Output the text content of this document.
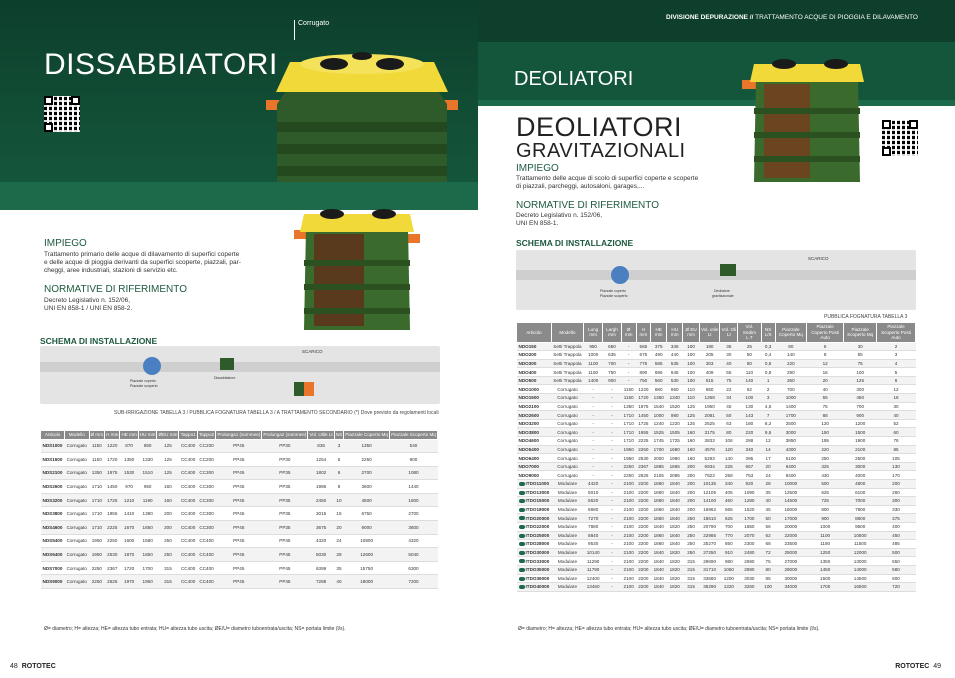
Corrugato
DISSABBIATORI
IMPIEGO
Trattamento primario delle acque di dilavamento di superfici coperte
e delle acque di pioggia derivanti da superfici scoperte, piazzali, par-
cheggi, aree industriali, stazioni di servizio etc.
NORMATIVE DI RIFERIMENTO
Decreto Legislativo n. 152/06,
UNI EN 858-1 / UNI EN 858-2.
SCHEMA DI INSTALLAZIONE
SCARICO
Piazzale coperto
Piazzale scoperto
Dissabbiatore
SUB-IRRIGAZIONE TABELLA 3 / PUBBLICA FOGNATURA TABELLA 3 / A TRATTAMENTO SECONDARIO (*) Dove previsto da regolamenti locali
Articolo	Modello	Ø mm	H mm	HE mm	HU mm	ØEU mm	Tappo1	Tappo2	Prolunga1 (sommee)	Prolunga2 (sommee)	Vol. Utile Lt	NS	Piazzale Coperto Mq	Piazzale Scoperto Mq
NDS1000	Corrugato	1150	1220	870	850	125	CC400	CC200	PP45	PP30	836	3	1350	540
NDS1500	Corrugato	1150	1720	1350	1330	125	CC400	CC200	PP45	PP30	1254	5	2250	900
NDS2100	Corrugato	1350	1975	1530	1510	125	CC400	CC300	PP45	PP35	1802	6	2700	1080
NDS2600	Corrugato	1710	1450	970	950	160	CC400	CC300	PP45	PP35	1986	8	3600	1440
NDS3200	Corrugato	1710	1725	1210	1190	160	CC400	CC300	PP45	PP35	2450	10	4500	1800
NDS3800	Corrugato	1710	1955	1410	1390	200	CC400	CC300	PP45	PP35	3015	15	6750	2700
NDS4600	Corrugato	1710	2225	1670	1650	200	CC400	CC300	PP45	PP35	3675	20	9000	3600
NDS5400	Corrugato	1950	2250	1600	1580	250	CC400	CC400	PP45	PP45	4320	24	10800	4320
NDS6400	Corrugato	1950	2530	1870	1850	250	CC400	CC400	PP45	PP45	5030	28	12600	5040
NDS7000	Corrugato	2250	2367	1720	1700	315	CC400	CC400	PP45	PP45	6399	35	15750	6300
NDS9000	Corrugato	2250	2625	1970	1950	315	CC400	CC400	PP45	PP45	7288	40	18000	7200
Ø= diametro; H= altezza; HE= altezza tubo entrata; HU= altezza tubo uscita; ØE/U= diametro tuboentrata/uscita; NS= portata limite (l/s).
48 ROTOTEC
DIVISIONE DEPURAZIONE // TRATTAMENTO ACQUE DI PIOGGIA E DILAVAMENTO
DEOLIATORI
DEOLIATORI
GRAVITAZIONALI
IMPIEGO
Trattamento delle acque di scolo di superfici coperte e scoperte
di piazzali, parcheggi, autosaloni, garages,...
NORMATIVE DI RIFERIMENTO
Decreto Legislativo n. 152/06,
UNI EN 858-1.
SCHEMA DI INSTALLAZIONE
SCARICO
Piazzale coperto
Piazzale scoperto
Deoliatore
gravitazionale
PUBBLICA FOGNATURA TABELLA 3
Articolo	Modello	Lung mm	Largh mm	Ø mm	H mm	HE mm	HU mm	Ø EU mm	Vol. utile Lt	Vol. Oli Lt	Vol. Sedim L.T	NS L/S	Piazzale Coperto Mq	Piazzale Coperto Posti Auto	Piazzale Scoperto Mq	Piazzale Scoperto Posti Auto
NDO150	Setti Trappola	950	650	-	565	375	345	100	180	35	25	0,3	80	6	30	2
NDO200	Setti Trappola	1000	635	-	675	490	440	100	205	30	50	0,4	140	8	55	3
NDO300	Setti Trappola	1100	700	-	775	585	535	100	303	40	80	0,6	220	12	75	4
NDO400	Setti Trappola	1150	750	-	890	695	645	100	409	55	110	0,8	290	16	100	5
NDO500	Setti Trappola	1400	900	-	750	560	530	100	515	75	140	1	360	20	125	6
NDO1000	Corrugato	-	-	1150	1220	880	860	110	850	22	62	2	700	40	300	12
NDO1500	Corrugato	-	-	1150	1720	1360	1340	110	1268	34	100	3	1000	55	450	18
NDO2100	Corrugato	-	-	1350	1975	1540	1520	125	1950	45	130	4,5	1400	75	700	30
NDO2600	Corrugato	-	-	1710	1450	1000	980	125	2081	50	143	7	1700	88	900	40
NDO3200	Corrugato	-	-	1710	1725	1240	1220	125	2525	63	180	8,2	2500	120	1200	52
NDO3800	Corrugato	-	-	1710	1955	1525	1505	160	3175	80	220	9,5	3000	150	1500	60
NDO4600	Corrugato	-	-	1710	2225	1745	1725	160	3833	106	288	12	3850	195	1900	78
NDO5400	Corrugato	-	-	1950	2250	1700	1680	160	4578	120	340	14	4300	220	2100	85
NDO6400	Corrugato	-	-	1950	2530	2000	1980	160	5293	140	395	17	5100	250	2500	105
NDO7000	Corrugato	-	-	2250	2367	1885	1865	200	6934	225	657	20	6400	325	3000	130
NDO9000	Corrugato	-	-	2250	2625	2105	2085	200	7823	258	753	24	8400	430	4000	170
ITDO11000	Modulare	4420	-	2100	2200	1860	1840	200	10135	340	920	28	10000	500	4800	200
ITDO13000	Modulare	5010	-	2100	2200	1860	1840	200	12105	405	1090	35	12500	625	6100	260
ITDO15000	Modulare	5620	-	2100	2200	1860	1840	200	14100	460	1280	40	14500	725	7000	300
ITDO18000	Modulare	6680	-	2100	2200	1860	1840	200	16962	565	1520	45	16000	800	7800	330
ITDO20000	Modulare	7270	-	2100	2200	1860	1840	250	18610	625	1700	50	17000	900	8800	375
ITDO22000	Modulare	7880	-	2100	2200	1840	1820	250	20790	700	1850	56	20000	1000	9500	400
ITDO25000	Modulare	8840	-	2100	2200	1860	1840	250	22985	770	2070	62	22000	1100	10800	450
ITDO28000	Modulare	9530	-	2100	2200	1860	1840	250	25270	850	2300	68	23500	1180	11500	485
ITDO30000	Modulare	10140	-	2100	2200	1840	1820	250	27250	910	2480	72	25000	1250	12000	500
ITDO33000	Modulare	11290	-	2100	2200	1840	1820	315	29690	980	2690	75	27000	1350	13000	550
ITDO35000	Modulare	11790	-	2100	2200	1840	1820	315	31710	1050	2890	80	29000	1450	14000	580
ITDO36000	Modulare	12400	-	2100	2200	1840	1820	315	33660	1200	3030	85	30000	1500	14500	600
ITDO40000	Modulare	13460	-	2100	2200	1840	1820	315	36290	1320	3260	100	34000	1700	16500	720
Ø= diametro; H= altezza; HE= altezza tubo entrata; HU= altezza tubo uscita; ØE/U= diametro tuboentrata/uscita; NS= portata limite (l/s).
ROTOTEC 49
